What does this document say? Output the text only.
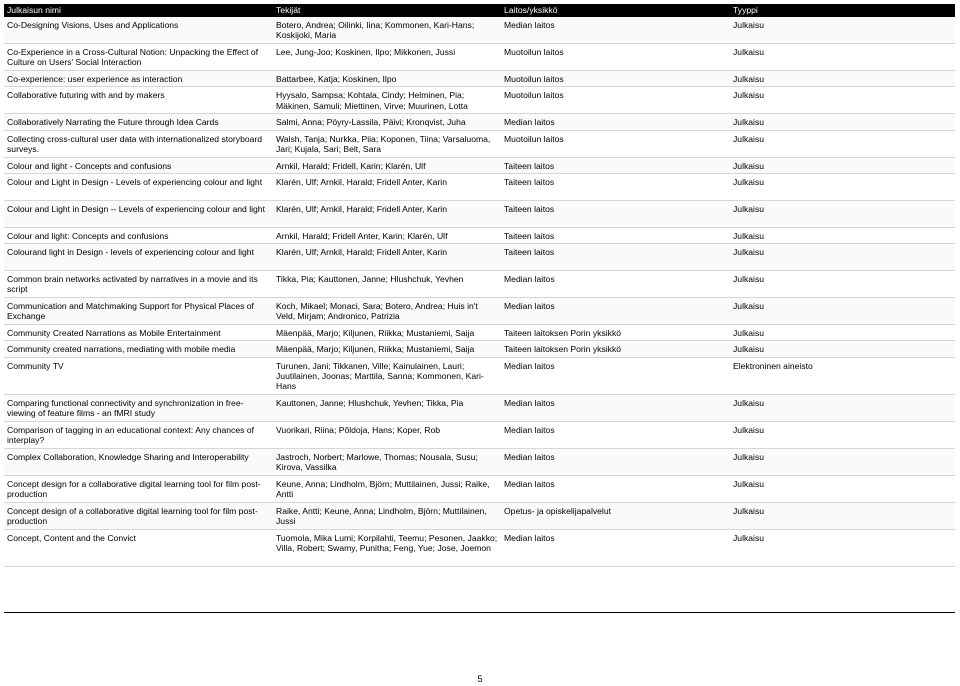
Julkaisun nimi	Tekijät	Laitos/yksikkö	Tyyppi
Co-Designing Visions, Uses and Applications	Botero, Andrea; Oilinki, Iina; Kommonen, Kari-Hans; Koskijoki, Maria	Median laitos	Julkaisu
Co-Experience in a Cross-Cultural Notion: Unpacking the Effect of Culture on Users' Social Interaction	Lee, Jung-Joo; Koskinen, Ilpo; Mikkonen, Jussi	Muotoilun laitos	Julkaisu
Co-experience: user experience as interaction	Battarbee, Katja; Koskinen, Ilpo	Muotoilun laitos	Julkaisu
Collaborative futuring with and by makers	Hyysalo, Sampsa; Kohtala, Cindy; Helminen, Pia; Mäkinen, Samuli; Miettinen, Virve; Muurinen, Lotta	Muotoilun laitos	Julkaisu
Collaboratively Narrating the Future through Idea Cards	Salmi, Anna; Pöyry-Lassila, Päivi; Kronqvist, Juha	Median laitos	Julkaisu
Collecting cross-cultural user data with internationalized storyboard surveys.	Walsh, Tanja; Nurkka, Piia; Koponen, Tiina; Varsaluoma, Jari; Kujala, Sari; Belt, Sara	Muotoilun laitos	Julkaisu
Colour and light - Concepts and confusions	Arnkil, Harald; Fridell, Karin; Klarén, Ulf	Taiteen laitos	Julkaisu
Colour and Light in Design - Levels of experiencing colour and light	Klarén, Ulf; Arnkil, Harald; Fridell Anter, Karin	Taiteen laitos	Julkaisu
Colour and Light in Design -- Levels of experiencing colour and light	Klarén, Ulf; Arnkil, Harald; Fridell Anter, Karin	Taiteen laitos	Julkaisu
Colour and light: Concepts and confusions	Arnkil, Harald; Fridell Anter, Karin; Klarén, Ulf	Taiteen laitos	Julkaisu
Colourand light in Design - levels of experiencing colour and light	Klarén, Ulf; Arnkil, Harald; Fridell Anter, Karin	Taiteen laitos	Julkaisu
Common brain networks activated by narratives in a movie and its script	Tikka, Pia; Kauttonen, Janne; Hlushchuk, Yevhen	Median laitos	Julkaisu
Communication and Matchmaking Support for Physical Places of Exchange	Koch, Mikael; Monaci, Sara; Botero, Andrea; Huis in't Veld, Mirjam; Andronico, Patrizia	Median laitos	Julkaisu
Community Created Narrations as Mobile Entertainment	Mäenpää, Marjo; Kiljunen, Riikka; Mustaniemi, Saija	Taiteen laitoksen Porin yksikkö	Julkaisu
Community created narrations, mediating with mobile media	Mäenpää, Marjo; Kiljunen, Riikka; Mustaniemi, Saija	Taiteen laitoksen Porin yksikkö	Julkaisu
Community TV	Turunen, Jani; Tikkanen, Ville; Kainulainen, Lauri; Juutilainen, Joonas; Marttila, Sanna; Kommonen, Kari-Hans	Median laitos	Elektroninen aineisto
Comparing functional connectivity and synchronization in free-viewing of feature films - an fMRI study	Kauttonen, Janne; Hlushchuk, Yevhen; Tikka, Pia	Median laitos	Julkaisu
Comparison of tagging in an educational context: Any chances of interplay?	Vuorikari, Riina; Põldoja, Hans; Koper, Rob	Median laitos	Julkaisu
Complex Collaboration, Knowledge Sharing and Interoperability	Jastroch, Norbert; Marlowe, Thomas; Nousala, Susu; Kirova, Vassilka	Median laitos	Julkaisu
Concept design for a collaborative digital learning tool for film post-production	Keune, Anna; Lindholm, Björn; Muttilainen, Jussi; Raike, Antti	Median laitos	Julkaisu
Concept design of a collaborative digital learning tool for film post-production	Raike, Antti; Keune, Anna; Lindholm, Björn; Muttilainen, Jussi	Opetus- ja opiskelijapalvelut	Julkaisu
Concept, Content and the Convict	Tuomola, Mika Lumi; Korpilahti, Teemu; Pesonen, Jaakko; Villa, Robert; Swamy, Punitha; Feng, Yue; Jose, Joemon	Median laitos	Julkaisu

5
